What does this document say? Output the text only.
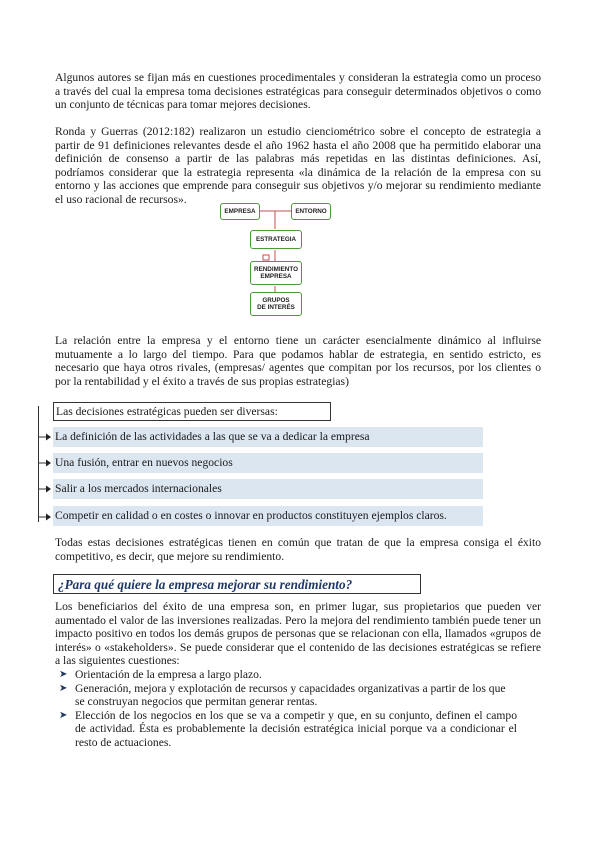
Algunos autores se fijan más en cuestiones procedimentales y consideran la estrategia como un proceso a través del cual la empresa toma decisiones estratégicas para conseguir determinados objetivos o como un conjunto de técnicas para tomar mejores decisiones.

Ronda y Guerras (2012:182) realizaron un estudio cienciométrico sobre el concepto de estrategia a partir de 91 definiciones relevantes desde el año 1962 hasta el año 2008 que ha permitido elaborar una definición de consenso a partir de las palabras más repetidas en las distintas definiciones. Así, podríamos considerar que la estrategia representa «la dinámica de la relación de la empresa con su entorno y las acciones que emprende para conseguir sus objetivos y/o mejorar su rendimiento mediante el uso racional de recursos».

EMPRESA	ENTORNO
ESTRATEGIA
RENDIMIENTO
EMPRESA
GRUPOS
DE INTERÉS

La relación entre la empresa y el entorno tiene un carácter esencialmente dinámico al influirse mutuamente a lo largo del tiempo. Para que podamos hablar de estrategia, en sentido estricto, es necesario que haya otros rivales, (empresas/ agentes que compitan por los recursos, por los clientes o por la rentabilidad y el éxito a través de sus propias estrategias)

Las decisiones estratégicas pueden ser diversas:
La definición de las actividades a las que se va a dedicar la empresa
Una fusión, entrar en nuevos negocios
Salir a los mercados internacionales
Competir en calidad o en costes o innovar en productos constituyen ejemplos claros.

Todas estas decisiones estratégicas tienen en común que tratan de que la empresa consiga el éxito competitivo, es decir, que mejore su rendimiento.

¿Para qué quiere la empresa mejorar su rendimiento?

Los beneficiarios del éxito de una empresa son, en primer lugar, sus propietarios que pueden ver aumentado el valor de las inversiones realizadas. Pero la mejora del rendimiento también puede tener un impacto positivo en todos los demás grupos de personas que se relacionan con ella, llamados «grupos de interés» o «stakeholders». Se puede considerar que el contenido de las decisiones estratégicas se refiere a las siguientes cuestiones:

➤ Orientación de la empresa a largo plazo.
➤ Generación, mejora y explotación de recursos y capacidades organizativas a partir de los que se construyan negocios que permitan generar rentas.
➤ Elección de los negocios en los que se va a competir y que, en su conjunto, definen el campo de actividad. Ésta es probablemente la decisión estratégica inicial porque va a condicionar el resto de actuaciones.
